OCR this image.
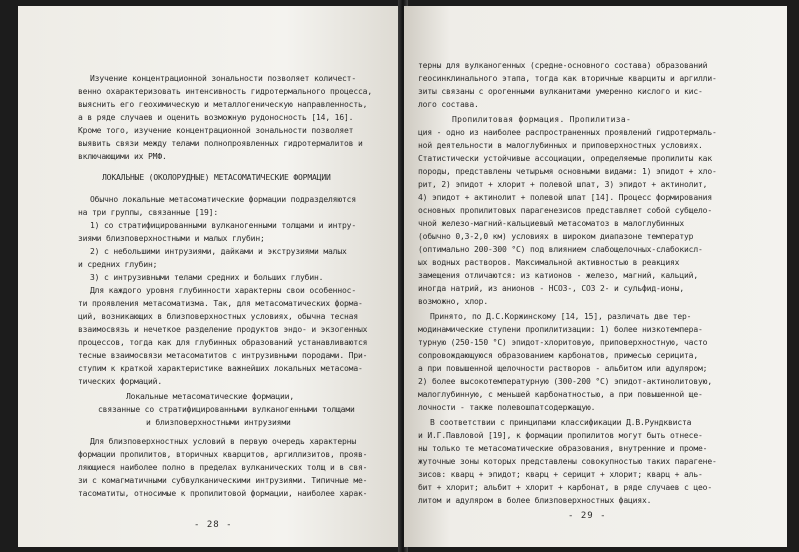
Изучение концентрационной зональности позволяет количест-
венно охарактеризовать интенсивность гидротермального процесса,
выяснить его геохимическую и металлогеническую направленность,
а в ряде случаев и оценить возможную рудоносность [14, 16].
Кроме того, изучение концентрационной зональности позволяет
выявить связи между телами полнопроявленных гидротермалитов и
включающими их РМФ.
ЛОКАЛЬНЫЕ (ОКОЛОРУДНЫЕ) МЕТАСОМАТИЧЕСКИЕ ФОРМАЦИИ
Обычно локальные метасоматические формации подразделяются
на три группы, связанные [19]:
1) со стратифицированными вулканогенными толщами и интру-
зиями близповерхностными и малых глубин;
2) с небольшими интрузиями, дайками и экструзиями малых
и средних глубин;
3) с интрузивными телами средних и больших глубин.
Для каждого уровня глубинности характерны свои особеннос-
ти проявления метасоматизма. Так, для метасоматических форма-
ций, возникающих в близповерхностных условиях, обычна тесная
взаимосвязь и нечеткое разделение продуктов эндо- и экзогенных
процессов, тогда как для глубинных образований устанавливаются
тесные взаимосвязи метасоматитов с интрузивными породами. При-
ступим к краткой характеристике важнейших локальных метасома-
тических формаций.
Локальные метасоматические формации,
связанные со стратифицированными вулканогенными толщами
и близповерхностными интрузиями
Для близповерхностных условий в первую очередь характерны
формации пропилитов, вторичных кварцитов, аргиллизитов, прояв-
ляющиеся наиболее полно в пределах вулканических толщ и в свя-
зи с комагматичными субвулканическими интрузиями. Типичные ме-
тасоматиты, относимые к пропилитовой формации, наиболее харак-
- 28 -
терны для вулканогенных (средне-основного состава) образований
геосинклинального этапа, тогда как вторичные кварциты и аргилли-
зиты связаны с орогенными вулканитами умеренно кислого и кис-
лого состава.
Пропилитовая формация. Пропилитиза-
ция - одно из наиболее распространенных проявлений гидротермаль-
ной деятельности в малоглубинных и приповерхностных условиях.
Статистически устойчивые ассоциации, определяемые пропилиты как
породы, представлены четырьмя основными видами: 1) эпидот + хло-
рит, 2) эпидот + хлорит + полевой шпат, 3) эпидот + актинолит,
4) эпидот + актинолит + полевой шпат [14]. Процесс формирования
основных пропилитовых парагенезисов представляет собой субщело-
чной железо-магний-кальциевый метасоматоз в малоглубинных
(обычно 0,3-2,0 км) условиях в широком диапазоне температур
(оптимально 200-300 °С) под влиянием слабощелочных-слабокисл-
ых водных растворов. Максимальной активностью в реакциях
замещения отличаются: из катионов - железо, магний, кальций,
иногда натрий, из анионов - HCO3-, CO3 2- и сульфид-ионы,
возможно, хлор.
Принято, по Д.С.Коржинскому [14, 15], различать две тер-
модинамические ступени пропилитизации: 1) более низкотемпера-
турную (250-150 °С) эпидот-хлоритовую, приповерхностную, часто
сопровождающуюся образованием карбонатов, примесью серицита,
а при повышенной щелочности растворов - альбитом или адуляром;
2) более высокотемпературную (300-200 °С) эпидот-актинолитовую,
малоглубинную, с меньшей карбонатностью, а при повышенной ще-
лочности - также полевошпатсодержащую.
В соответствии с принципами классификации Д.В.Рундквиста
и И.Г.Павловой [19], к формации пропилитов могут быть отнесе-
ны только те метасоматические образования, внутренние и проме-
жуточные зоны которых представлены совокупностью таких парагене-
зисов: кварц + эпидот; кварц + серицит + хлорит; кварц + аль-
бит + хлорит; альбит + хлорит + карбонат, в ряде случаев с цео-
литом и адуляром в более близповерхностных фациях.
- 29 -
